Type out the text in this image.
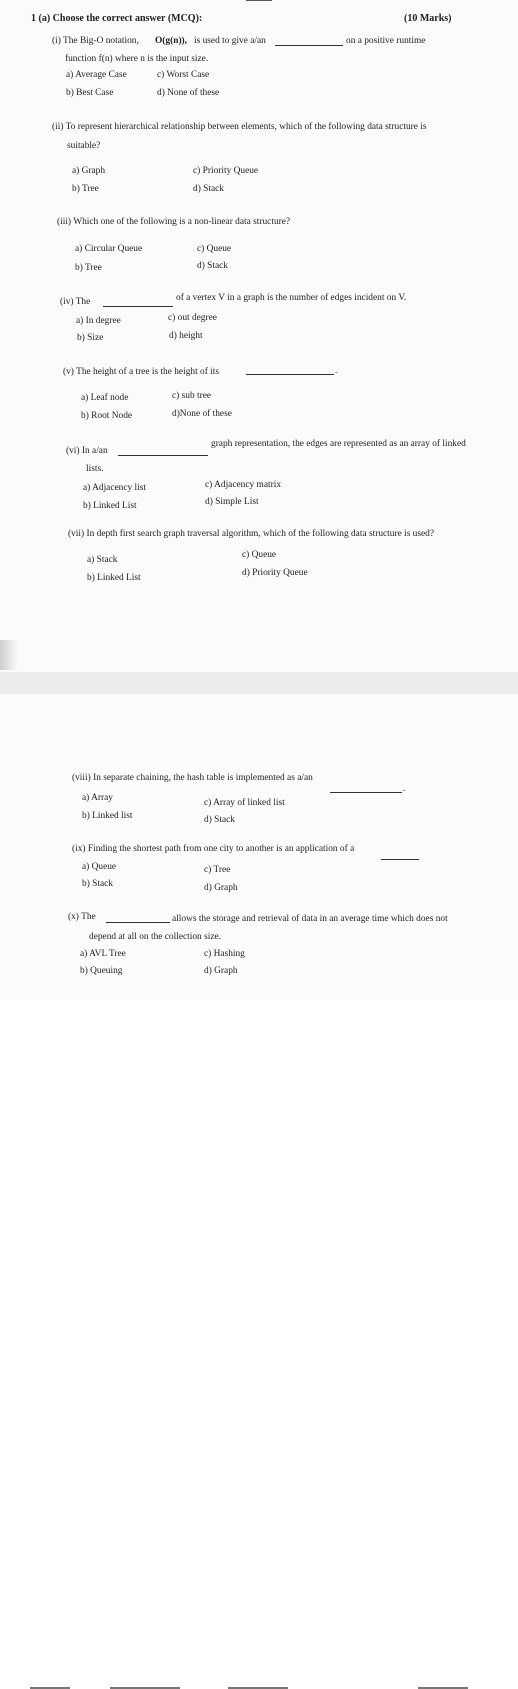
1 (a) Choose the correct answer (MCQ):	(10 Marks)
(i) The Big-O notation, O(g(n)), is used to give a/an	on a positive runtime
function f(n) where n is the input size.
a) Average Case	c) Worst Case
b) Best Case	d) None of these
(ii) To represent hierarchical relationship between elements, which of the following data structure is
suitable?
a) Graph	c) Priority Queue
b) Tree	d) Stack
(iii) Which one of the following is a non-linear data structure?
a) Circular Queue	c) Queue
b) Tree	d) Stack
(iv) The	of a vertex V in a graph is the number of edges incident on V.
a) In degree	c) out degree
b) Size	d) height
(v) The height of a tree is the height of its	.
a) Leaf node	c) sub tree
b) Root Node	d)None of these
(vi) In a/an
graph representation, the edges are represented as an array of linked
lists.
a) Adjacency list	c) Adjacency matrix
b) Linked List	d) Simple List
(vii) In depth first search graph traversal algorithm, which of the following data structure is used?
a) Stack	c) Queue
b) Linked List	d) Priority Queue
(viii) In separate chaining, the hash table is implemented as a/an
.
a) Array	c) Array of linked list
b) Linked list	d) Stack
(ix) Finding the shortest path from one city to another is an application of a
a) Queue	c) Tree
b) Stack	d) Graph
(x) The	allows the storage and retrieval of data in an average time which does not
depend at all on the collection size.
a) AVL Tree	c) Hashing
b) Queuing	d) Graph
